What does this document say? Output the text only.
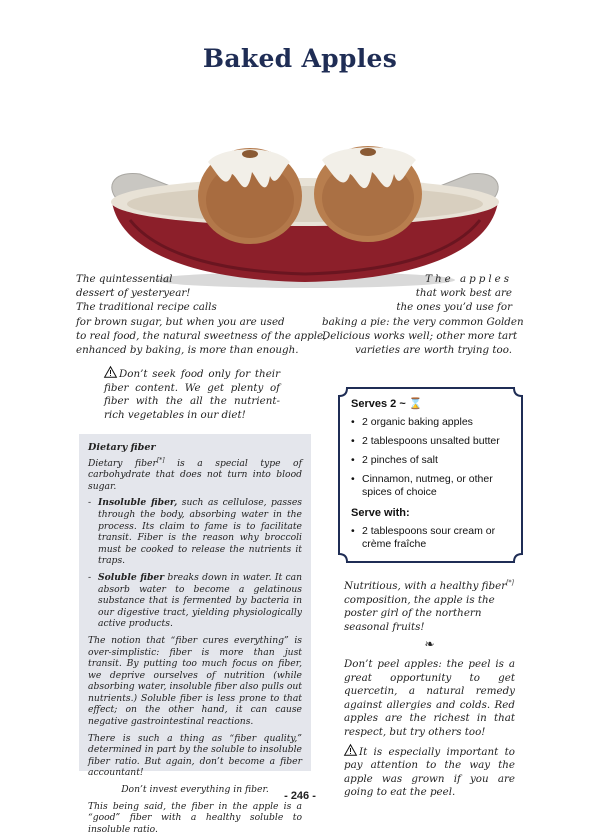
Baked Apples
The quintessential
dessert of yesteryear!
The traditional recipe calls
for brown sugar, but when you are used
to real food, the natural sweetness of the apple,
enhanced by baking, is more than enough.
The apples
that work best are
the ones you’d use for
baking a pie: the very common Golden
Delicious works well; other more tart
varieties are worth trying too.
Don’t seek food only for their fiber content. We get plenty of fiber with the all the nutrient-rich vegetables in our diet!
Serves 2 ~ ⌛
• 2 organic baking apples
• 2 tablespoons unsalted butter
• 2 pinches of salt
• Cinnamon, nutmeg, or other spices of choice
Serve with:
• 2 tablespoons sour cream or crème fraîche
Dietary fiber

Dietary fiber[*] is a special type of carbohydrate that does not turn into blood sugar.

- Insoluble fiber, such as cellulose, passes through the body, absorbing water in the process. Its claim to fame is to facilitate transit. Fiber is the reason why broccoli must be cooked to release the nutrients it traps.
- Soluble fiber breaks down in water. It can absorb water to become a gelatinous substance that is fermented by bacteria in our digestive tract, yielding physiologically active products.

The notion that “fiber cures everything” is over-simplistic: fiber is more than just transit. By putting too much focus on fiber, we deprive ourselves of nutrition (while absorbing water, insoluble fiber also pulls out nutrients.) Soluble fiber is less prone to that effect; on the other hand, it can cause negative gastrointestinal reactions.

There is such a thing as “fiber quality,” determined in part by the soluble to insoluble fiber ratio. But again, don’t become a fiber accountant!

Don’t invest everything in fiber.

This being said, the fiber in the apple is a “good” fiber with a healthy soluble to insoluble ratio.

Nutritious, with a healthy fiber[*] composition, the apple is the poster girl of the northern seasonal fruits!

❧

Don’t peel apples: the peel is a great opportunity to get quercetin, a natural remedy against allergies and colds. Red apples are the richest in that respect, but try others too!

It is especially important to pay attention to the way the apple was grown if you are going to eat the peel.

- 246 -
